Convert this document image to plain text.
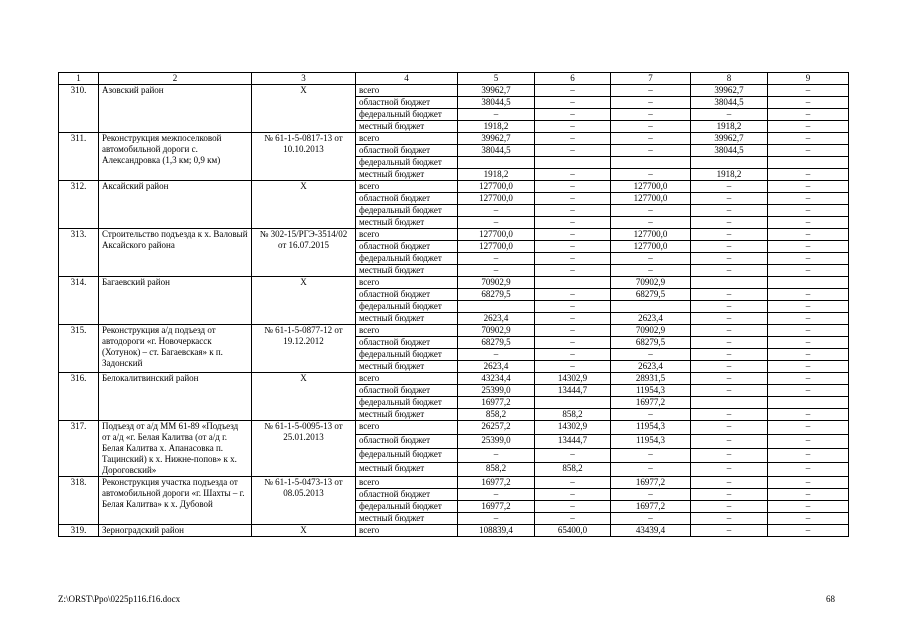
1	2	3	4	5	6	7	8	9
310.	Азовский район	Х	всего	39962,7	–	–	39962,7	–
			областной бюджет	38044,5	–	–	38044,5	–
			федеральный бюджет	–	–	–	–	–
			местный бюджет	1918,2	–	–	1918,2	–
311.	Реконструкция межпоселковой автомобильной дороги с. Александровка (1,3 км; 0,9 км)	№ 61-1-5-0817-13 от 10.10.2013	всего	39962,7	–	–	39962,7	–
			областной бюджет	38044,5	–	–	38044,5	–
			федеральный бюджет					
			местный бюджет	1918,2	–	–	1918,2	–
312.	Аксайский район	Х	всего	127700,0	–	127700,0	–	–
			областной бюджет	127700,0	–	127700,0	–	–
			федеральный бюджет	–	–	–	–	–
			местный бюджет	–	–	–	–	–
313.	Строительство подъезда к х. Валовый Аксайского района	№ 302-15/РГЭ-3514/02 от 16.07.2015	всего	127700,0	–	127700,0	–	–
			областной бюджет	127700,0	–	127700,0	–	–
			федеральный бюджет	–	–	–	–	–
			местный бюджет	–	–	–	–	–
314.	Багаевский район	Х	всего	70902,9		70902,9		
			областной бюджет	68279,5	–	68279,5	–	–
			федеральный бюджет		–		–	–
			местный бюджет	2623,4	–	2623,4	–	–
315.	Реконструкция а/д подъезд от автодороги «г. Новочеркасск (Хотунок) – ст. Багаевская» к п. Задонский	№ 61-1-5-0877-12 от 19.12.2012	всего	70902,9	–	70902,9	–	–
			областной бюджет	68279,5	–	68279,5	–	–
			федеральный бюджет	–	–	–	–	–
			местный бюджет	2623,4	–	2623,4	–	–
316.	Белокалитвинский район	Х	всего	43234,4	14302,9	28931,5	–	–
			областной бюджет	25399,0	13444,7	11954,3	–	–
			федеральный бюджет	16977,2		16977,2		
			местный бюджет	858,2	858,2	–	–	–
317.	Подъезд от а/д ММ 61-89 «Подъезд от а/д «г. Белая Калитва (от а/д г. Белая Калитва х. Апанасовка п. Тацинский) к х. Нижне-попов» к х. Дороговский»	№ 61-1-5-0095-13 от 25.01.2013	всего	26257,2	14302,9	11954,3	–	–
			областной бюджет	25399,0	13444,7	11954,3	–	–
			федеральный бюджет	–	–	–	–	–
			местный бюджет	858,2	858,2	–	–	–
318.	Реконструкция участка подъезда от автомобильной дороги «г. Шахты – г. Белая Калитва» к х. Дубовой	№ 61-1-5-0473-13 от 08.05.2013	всего	16977,2	–	16977,2	–	–
			областной бюджет	–	–	–	–	–
			федеральный бюджет	16977,2	–	16977,2	–	–
			местный бюджет	–	–	–	–	–
319.	Зерноградский район	Х	всего	108839,4	65400,0	43439,4	–	–
Z:\ORST\Ppo\0225p116.f16.docx	68
